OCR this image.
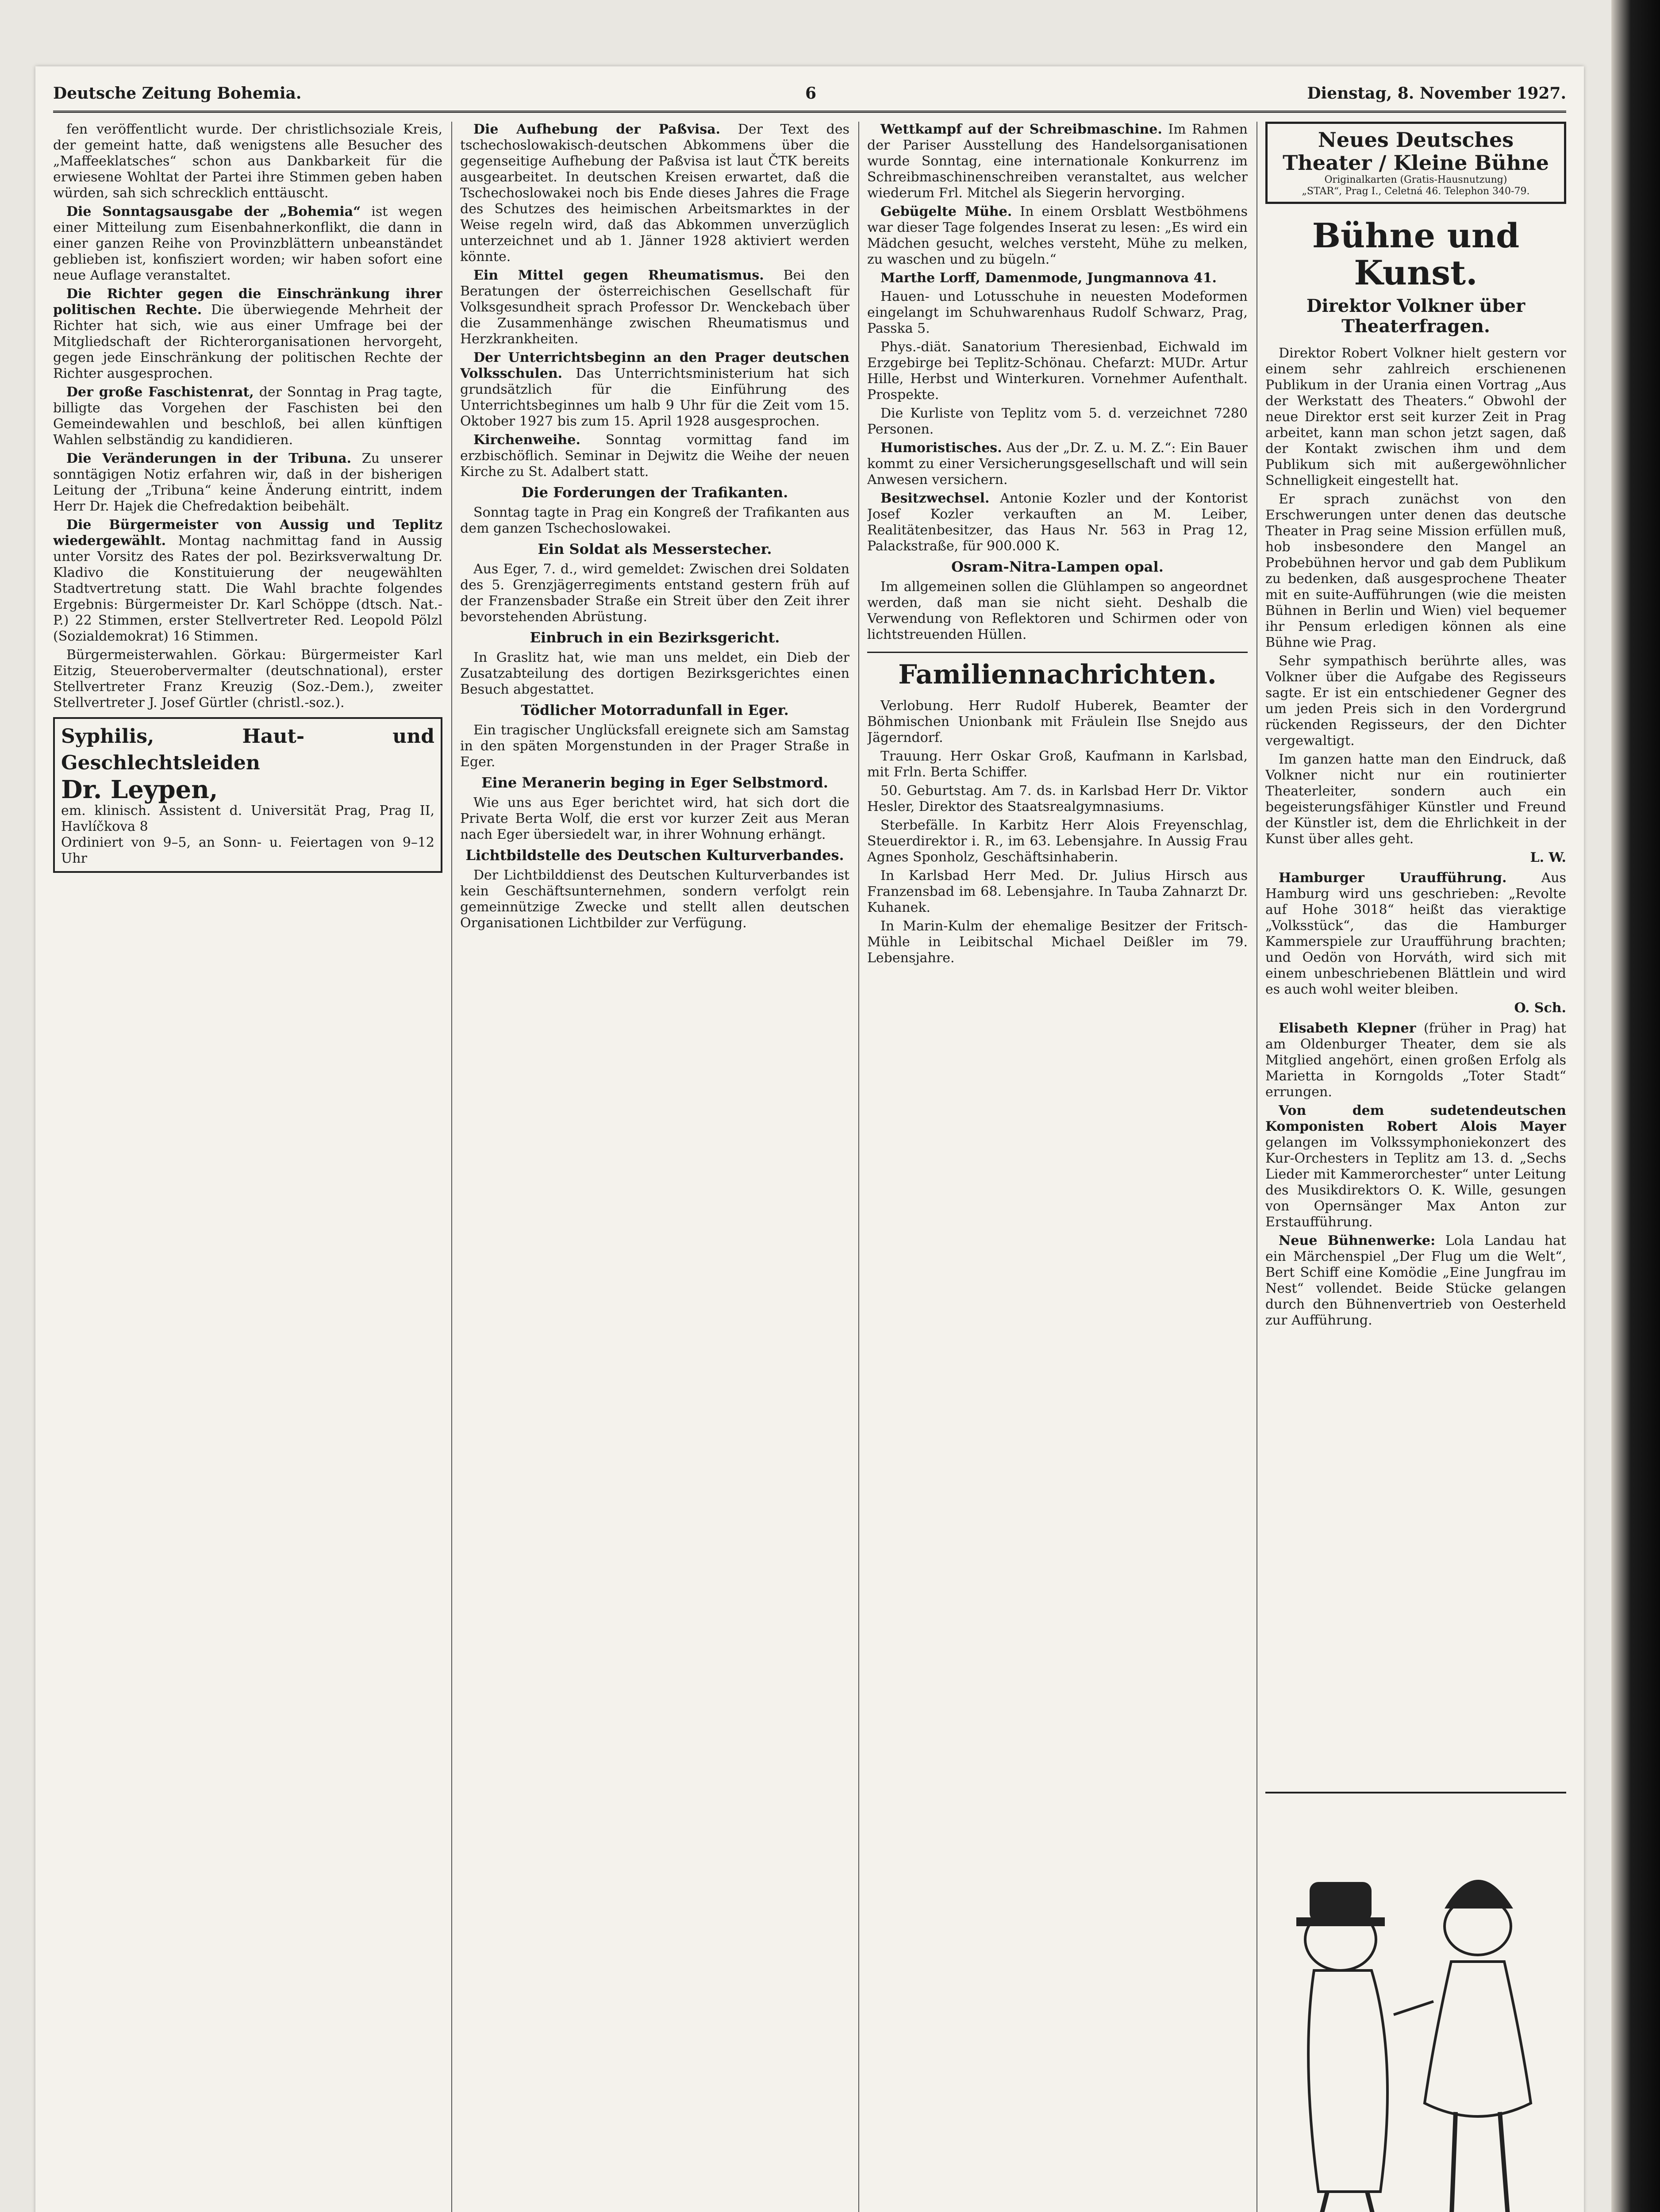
Deutsche Zeitung Bohemia.	6	Dienstag, 8. November 1927.

fen veröffentlicht wurde. Der christlichsoziale Kreis, der gemeint hatte, daß wenigstens alle Besucher des „Maffeeklatsches“ schon aus Dankbarkeit für die erwiesene Wohltat der Partei ihre Stimmen geben haben würden, sah sich schrecklich enttäuscht.

Die Sonntagsausgabe der „Bohemia“ ist wegen einer Mitteilung zum Eisenbahnerkonflikt, die dann in einer ganzen Reihe von Provinzblättern unbeanständet geblieben ist, konfisziert worden; wir haben sofort eine neue Auflage veranstaltet.

Die Richter gegen die Einschränkung ihrer politischen Rechte. Die überwiegende Mehrheit der Richter hat sich, wie aus einer Umfrage bei der Mitgliedschaft der Richterorganisationen hervorgeht, gegen jede Einschränkung der politischen Rechte der Richter ausgesprochen.

Der große Faschistenrat, der Sonntag in Prag tagte, billigte das Vorgehen der Faschisten bei den Gemeindewahlen und beschloß, bei allen künftigen Wahlen selbständig zu kandidieren.

Die Veränderungen in der Tribuna. Zu unserer sonntägigen Notiz erfahren wir, daß in der bisherigen Leitung der „Tribuna“ keine Änderung eintritt, indem Herr Dr. Hajek die Chefredaktion beibehält.

Die Bürgermeister von Aussig und Teplitz wiedergewählt. Montag nachmittag fand in Aussig unter Vorsitz des Rates der pol. Bezirksverwaltung Dr. Kladivo die Konstituierung der neugewählten Stadtvertretung statt. Die Wahl brachte folgendes Ergebnis: Bürgermeister Dr. Karl Schöppe (dtsch. Nat.-P.) 22 Stimmen, erster Stellvertreter Red. Leopold Pölzl (Sozialdemokrat) 16 Stimmen.

Bürgermeisterwahlen. Görkau: Bürgermeister Karl Eitzig, Steuerobervermalter (deutschnational), erster Stellvertreter Franz Kreuzig (Soz.-Dem.), zweiter Stellvertreter J. Josef Gürtler (christl.-soz.).

Syphilis, Haut- und Geschlechtsleiden
Dr. Leypen,
em. klinisch. Assistent d. Universität Prag, Prag II, Havlíčkova 8
Ordiniert von 9–5, an Sonn- u. Feiertagen von 9–12 Uhr

Die Aufhebung der Paßvisa. Der Text des tschechoslowakisch-deutschen Abkommens über die gegenseitige Aufhebung der Paßvisa ist laut ČTK bereits ausgearbeitet. In deutschen Kreisen erwartet, daß die Tschechoslowakei noch bis Ende dieses Jahres die Frage des Schutzes des heimischen Arbeitsmarktes in der Weise regeln wird, daß das Abkommen unverzüglich unterzeichnet und ab 1. Jänner 1928 aktiviert werden könnte.

Ein Mittel gegen Rheumatismus. Bei den Beratungen der österreichischen Gesellschaft für Volksgesundheit sprach Professor Dr. Wenckebach über die Zusammenhänge zwischen Rheumatismus und Herzkrankheiten.

Der Unterrichtsbeginn an den Prager deutschen Volksschulen. Das Unterrichtsministerium hat sich grundsätzlich für die Einführung des Unterrichtsbeginnes um halb 9 Uhr für die Zeit vom 15. Oktober 1927 bis zum 15. April 1928 ausgesprochen.

Kirchenweihe. Sonntag vormittag fand im erzbischöflich. Seminar in Dejwitz die Weihe der neuen Kirche zu St. Adalbert statt.

Die Forderungen der Trafikanten.

Sonntag tagte in Prag ein Kongreß der Trafikanten aus dem ganzen Tschechoslowakei.

Ein Soldat als Messerstecher.

Aus Eger, 7. d., wird gemeldet: Zwischen drei Soldaten des 5. Grenzjägerregiments entstand gestern früh auf der Franzensbader Straße ein Streit über den Zeit ihrer bevorstehenden Abrüstung.

Einbruch in ein Bezirksgericht.

In Graslitz hat, wie man uns meldet, ein Dieb der Zusatzabteilung des dortigen Bezirksgerichtes einen Besuch abgestattet.

Tödlicher Motorradunfall in Eger.

Ein tragischer Unglücksfall ereignete sich am Samstag in den späten Morgenstunden in der Prager Straße in Eger.

Eine Meranerin beging in Eger Selbstmord.

Wie uns aus Eger berichtet wird, hat sich dort die Private Berta Wolf, die erst vor kurzer Zeit aus Meran nach Eger übersiedelt war, in ihrer Wohnung erhängt.

Lichtbildstelle des Deutschen Kulturverbandes.

Der Lichtbilddienst des Deutschen Kulturverbandes ist kein Geschäftsunternehmen, sondern verfolgt rein gemeinnützige Zwecke und stellt allen deutschen Organisationen Lichtbilder zur Verfügung.

Wettkampf auf der Schreibmaschine. Im Rahmen der Pariser Ausstellung des Handelsorganisationen wurde Sonntag, eine internationale Konkurrenz im Schreibmaschinenschreiben veranstaltet, aus welcher wiederum Frl. Mitchel als Siegerin hervorging.

Gebügelte Mühe. In einem Orsblatt Westböhmens war dieser Tage folgendes Inserat zu lesen: „Es wird ein Mädchen gesucht, welches versteht, Mühe zu melken, zu waschen und zu bügeln.“

Marthe Lorff, Damenmode, Jungmannova 41.

Hauen- und Lotusschuhe in neuesten Modeformen eingelangt im Schuhwarenhaus Rudolf Schwarz, Prag, Passka 5.

Phys.-diät. Sanatorium Theresienbad, Eichwald im Erzgebirge bei Teplitz-Schönau. Chefarzt: MUDr. Artur Hille, Herbst und Winterkuren. Vornehmer Aufenthalt. Prospekte.

Die Kurliste von Teplitz vom 5. d. verzeichnet 7280 Personen.

Humoristisches. Aus der „Dr. Z. u. M. Z.“: Ein Bauer kommt zu einer Versicherungsgesellschaft und will sein Anwesen versichern.

Besitzwechsel. Antonie Kozler und der Kontorist Josef Kozler verkauften an M. Leiber, Realitätenbesitzer, das Haus Nr. 563 in Prag 12, Palackstraße, für 900.000 K.

Osram-Nitra-Lampen opal.

Im allgemeinen sollen die Glühlampen so angeordnet werden, daß man sie nicht sieht. Deshalb die Verwendung von Reflektoren und Schirmen oder von lichtstreuenden Hüllen.

Familiennachrichten.

Verlobung. Herr Rudolf Huberek, Beamter der Böhmischen Unionbank mit Fräulein Ilse Snejdo aus Jägerndorf.

Trauung. Herr Oskar Groß, Kaufmann in Karlsbad, mit Frln. Berta Schiffer.

50. Geburtstag. Am 7. ds. in Karlsbad Herr Dr. Viktor Hesler, Direktor des Staatsrealgymnasiums.

Sterbefälle. In Karbitz Herr Alois Freyenschlag, Steuerdirektor i. R., im 63. Lebensjahre. In Aussig Frau Agnes Sponholz, Geschäftsinhaberin.

In Karlsbad Herr Med. Dr. Julius Hirsch aus Franzensbad im 68. Lebensjahre. In Tauba Zahnarzt Dr. Kuhanek.

In Marin-Kulm der ehemalige Besitzer der Fritsch-Mühle in Leibitschal Michael Deißler im 79. Lebensjahre.

Neues Deutsches Theater / Kleine Bühne
Originalkarten (Gratis-Hausnutzung)
„STAR“, Prag I., Celetná 46. Telephon 340-79.
Bühne und Kunst.
Direktor Volkner über Theaterfragen.

Direktor Robert Volkner hielt gestern vor einem sehr zahlreich erschienenen Publikum in der Urania einen Vortrag „Aus der Werkstatt des Theaters.“ Obwohl der neue Direktor erst seit kurzer Zeit in Prag arbeitet, kann man schon jetzt sagen, daß der Kontakt zwischen ihm und dem Publikum sich mit außergewöhnlicher Schnelligkeit eingestellt hat.

Er sprach zunächst von den Erschwerungen unter denen das deutsche Theater in Prag seine Mission erfüllen muß, hob insbesondere den Mangel an Probebühnen hervor und gab dem Publikum zu bedenken, daß ausgesprochene Theater mit en suite-Aufführungen (wie die meisten Bühnen in Berlin und Wien) viel bequemer ihr Pensum erledigen können als eine Bühne wie Prag.

Sehr sympathisch berührte alles, was Volkner über die Aufgabe des Regisseurs sagte. Er ist ein entschiedener Gegner des um jeden Preis sich in den Vordergrund rückenden Regisseurs, der den Dichter vergewaltigt.

Im ganzen hatte man den Eindruck, daß Volkner nicht nur ein routinierter Theaterleiter, sondern auch ein begeisterungsfähiger Künstler und Freund der Künstler ist, dem die Ehrlichkeit in der Kunst über alles geht.

L. W.

Hamburger Uraufführung.	Aus Hamburg wird uns geschrieben: „Revolte auf Hohe 3018“ heißt das vieraktige „Volksstück“, das die Hamburger Kammerspiele zur Uraufführung brachten; und Oedön von Horváth, wird sich mit einem unbeschriebenen Blättlein und wird es auch wohl weiter bleiben.

O. Sch.

Elisabeth Klepner (früher in Prag) hat am Oldenburger Theater, dem sie als Mitglied angehört, einen großen Erfolg als Marietta in Korngolds „Toter Stadt“ errungen.

Von dem sudetendeutschen Komponisten Robert Alois Mayer gelangen im Volkssymphoniekonzert des Kur-Orchesters in Teplitz am 13. d. „Sechs Lieder mit Kammerorchester“ unter Leitung des Musikdirektors O. K. Wille, gesungen von Opernsänger Max Anton zur Erstaufführung.

Neue Bühnenwerke: Lola Landau hat ein Märchenspiel „Der Flug um die Welt“, Bert Schiff eine Komödie „Eine Jungfrau im Nest“ vollendet. Beide Stücke gelangen durch den Bühnenvertrieb von Oesterheld zur Aufführung.
